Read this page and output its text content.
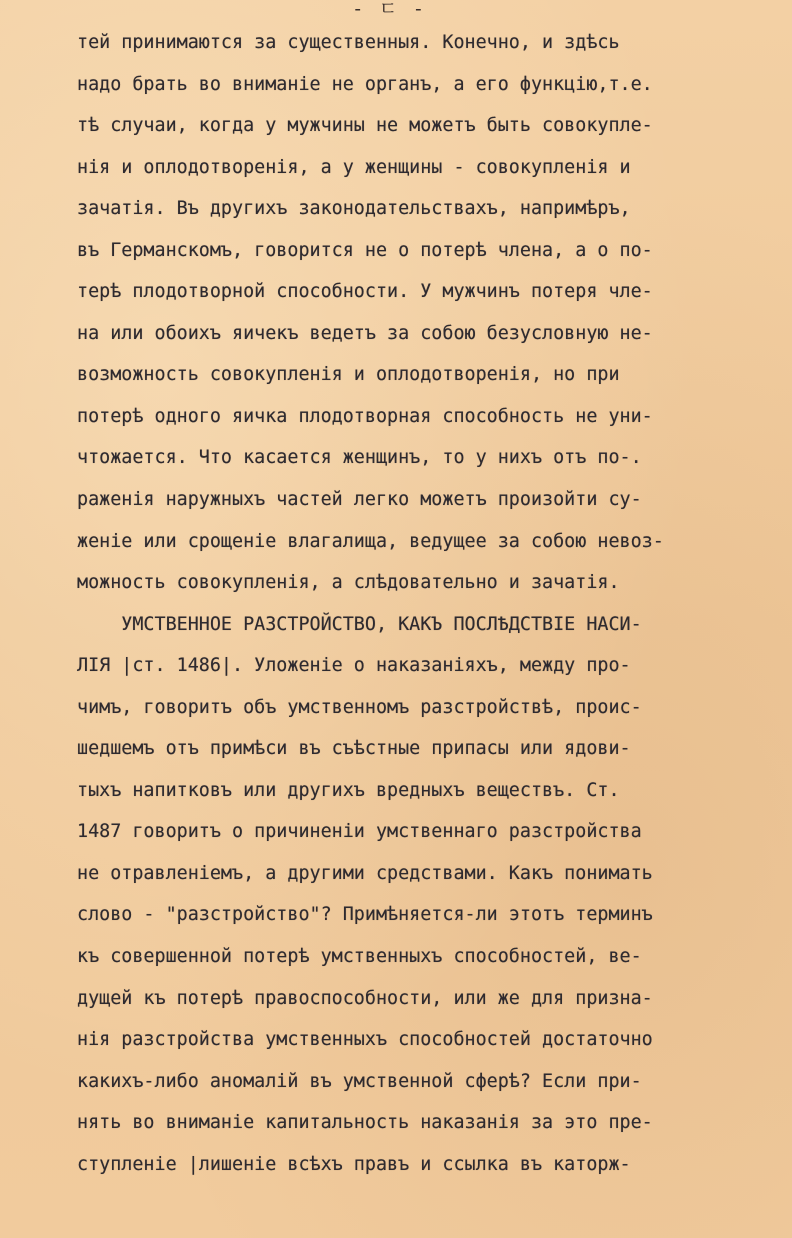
- ㄷ -
тей принимаются за существенныя. Конечно, и здѣсь
надо брать во вниманiе не органъ, а его функцiю,т.е.
тѣ случаи, когда у мужчины не можетъ быть совокупле-
нiя и оплодотворенiя, а у женщины - совокупленiя и
зачатiя. Въ другихъ законодательствахъ, напримѣръ,
въ Германскомъ, говорится не о потерѣ члена, а о по-
терѣ плодотворной способности. У мужчинъ потеря чле-
на или обоихъ яичекъ ведетъ за собою безусловную не-
возможность совокупленiя и оплодотворенiя, но при
потерѣ одного яичка плодотворная способность не уни-
чтожается. Что касается женщинъ, то у нихъ отъ по-.
раженiя наружныхъ частей легко можетъ произойти су-
женiе или срощенiе влагалища, ведущее за собою невоз-
можность совокупленiя, а слѣдовательно и зачатiя.
УМСТВЕННОЕ РАЗСТРОЙСТВО, КАКЪ ПОСЛѢДСТВIЕ НАСИ-
ЛIЯ |ст. 1486|. Уложенiе о наказанiяхъ, между про-
чимъ, говоритъ объ умственномъ разстройствѣ, проис-
шедшемъ отъ примѣси въ съѣстные припасы или ядови-
тыхъ напитковъ или другихъ вредныхъ веществъ. Ст.
1487 говоритъ о причиненiи умственнаго разстройства
не отравленiемъ, а другими средствами. Какъ понимать
слово - "разстройство"? Примѣняется-ли этотъ терминъ
къ совершенной потерѣ умственныхъ способностей, ве-
дущей къ потерѣ правоспособности, или же для призна-
нiя разстройства умственныхъ способностей достаточно
какихъ-либо аномалiй въ умственной сферѣ? Если при-
нять во вниманiе капитальность наказанiя за это пре-
ступленiе |лишенiе всѣхъ правъ и ссылка въ каторж-
